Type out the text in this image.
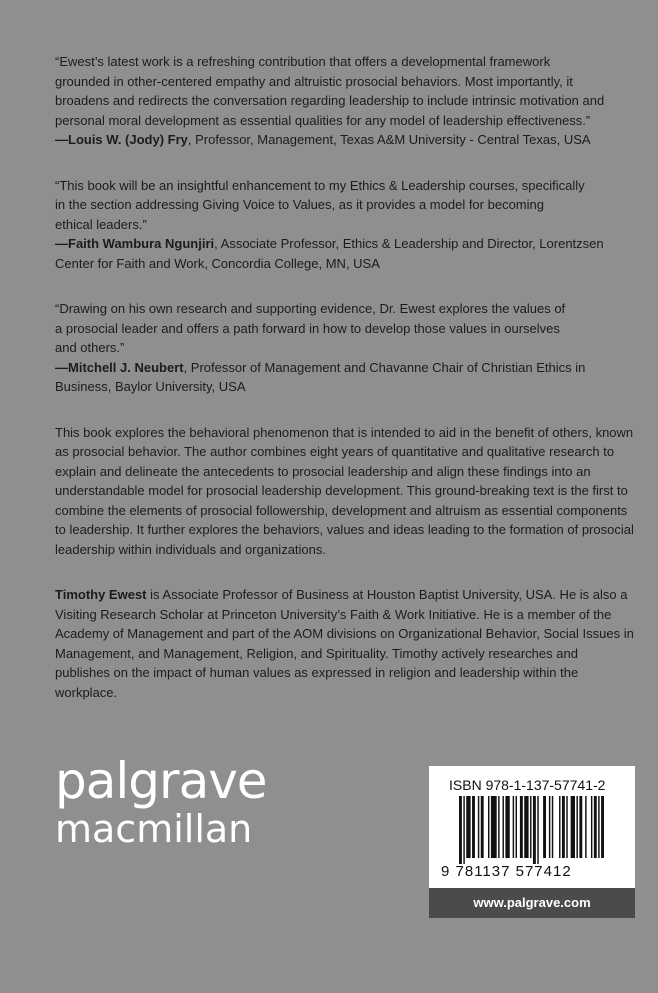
“Ewest’s latest work is a refreshing contribution that offers a developmental framework

grounded in other-centered empathy and altruistic prosocial behaviors. Most importantly, it

broadens and redirects the conversation regarding leadership to include intrinsic motivation and

personal moral development as essential qualities for any model of leadership effectiveness.”

—Louis W. (Jody) Fry, Professor, Management, Texas A&M University - Central Texas, USA

“This book will be an insightful enhancement to my Ethics & Leadership courses, specifically

in the section addressing Giving Voice to Values, as it provides a model for becoming

ethical leaders.”

—Faith Wambura Ngunjiri, Associate Professor, Ethics & Leadership and Director, Lorentzsen Center for Faith and Work, Concordia College, MN, USA

“Drawing on his own research and supporting evidence, Dr. Ewest explores the values of

a prosocial leader and offers a path forward in how to develop those values in ourselves

and others.”

—Mitchell J. Neubert, Professor of Management and Chavanne Chair of Christian Ethics in Business, Baylor University, USA

This book explores the behavioral phenomenon that is intended to aid in the benefit of others, known as prosocial behavior. The author combines eight years of quantitative and qualitative research to explain and delineate the antecedents to prosocial leadership and align these findings into an understandable model for prosocial leadership development. This ground-breaking text is the first to combine the elements of prosocial followership, development and altruism as essential components to leadership. It further explores the behaviors, values and ideas leading to the formation of prosocial leadership within individuals and organizations.

Timothy Ewest is Associate Professor of Business at Houston Baptist University, USA. He is also a Visiting Research Scholar at Princeton University’s Faith & Work Initiative. He is a member of the Academy of Management and part of the AOM divisions on Organizational Behavior, Social Issues in Management, and Management, Religion, and Spirituality. Timothy actively researches and publishes on the impact of human values as expressed in religion and leadership within the workplace.

palgrave
macmillan
ISBN 978-1-137-57741-2
9 781137 577412
www.palgrave.com
